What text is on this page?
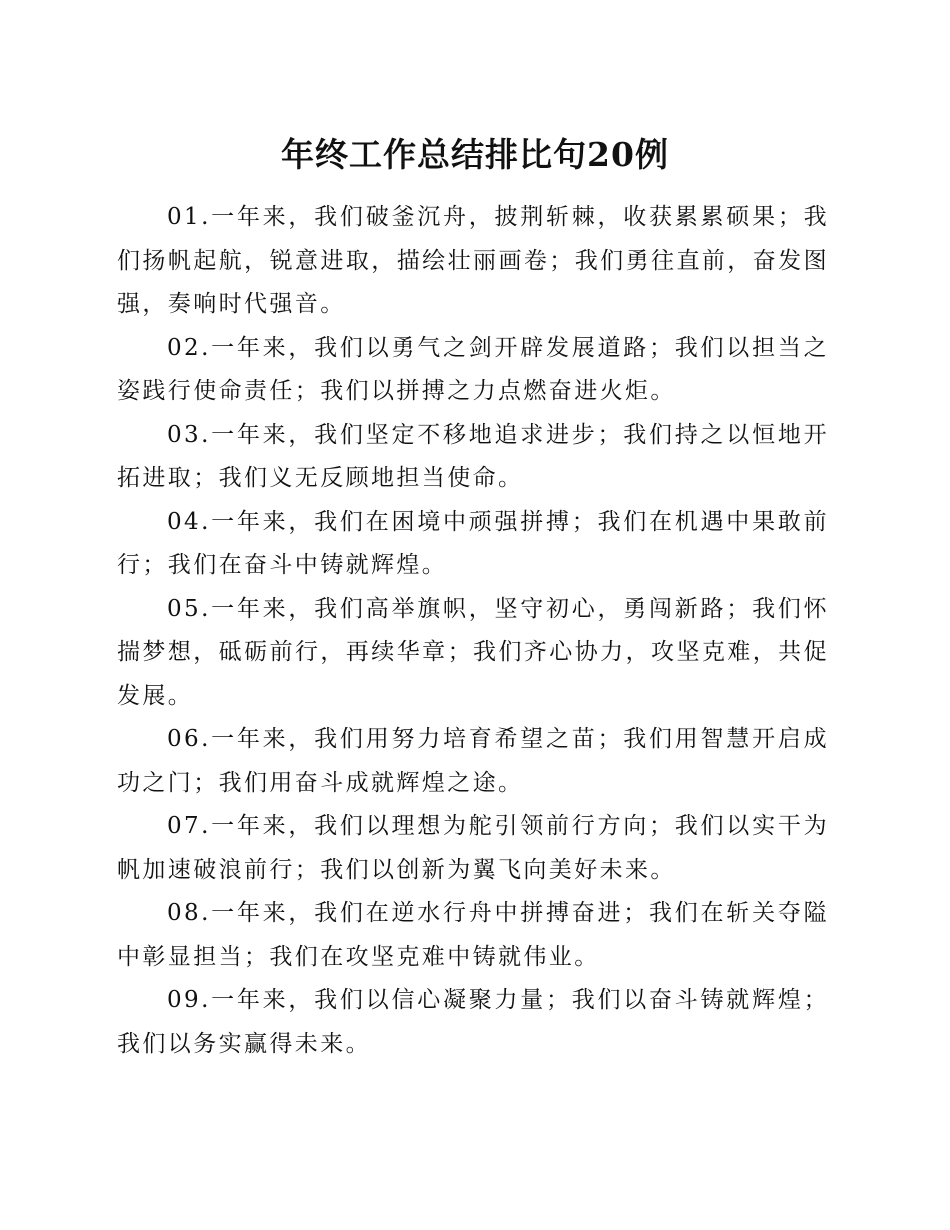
年终工作总结排比句20例

01.一年来，我们破釜沉舟，披荆斩棘，收获累累硕果；我们扬帆起航，锐意进取，描绘壮丽画卷；我们勇往直前，奋发图强，奏响时代强音。

02.一年来，我们以勇气之剑开辟发展道路；我们以担当之姿践行使命责任；我们以拼搏之力点燃奋进火炬。

03.一年来，我们坚定不移地追求进步；我们持之以恒地开拓进取；我们义无反顾地担当使命。

04.一年来，我们在困境中顽强拼搏；我们在机遇中果敢前行；我们在奋斗中铸就辉煌。

05.一年来，我们高举旗帜，坚守初心，勇闯新路；我们怀揣梦想，砥砺前行，再续华章；我们齐心协力，攻坚克难，共促发展。

06.一年来，我们用努力培育希望之苗；我们用智慧开启成功之门；我们用奋斗成就辉煌之途。

07.一年来，我们以理想为舵引领前行方向；我们以实干为帆加速破浪前行；我们以创新为翼飞向美好未来。

08.一年来，我们在逆水行舟中拼搏奋进；我们在斩关夺隘中彰显担当；我们在攻坚克难中铸就伟业。

09.一年来，我们以信心凝聚力量；我们以奋斗铸就辉煌；我们以务实赢得未来。
